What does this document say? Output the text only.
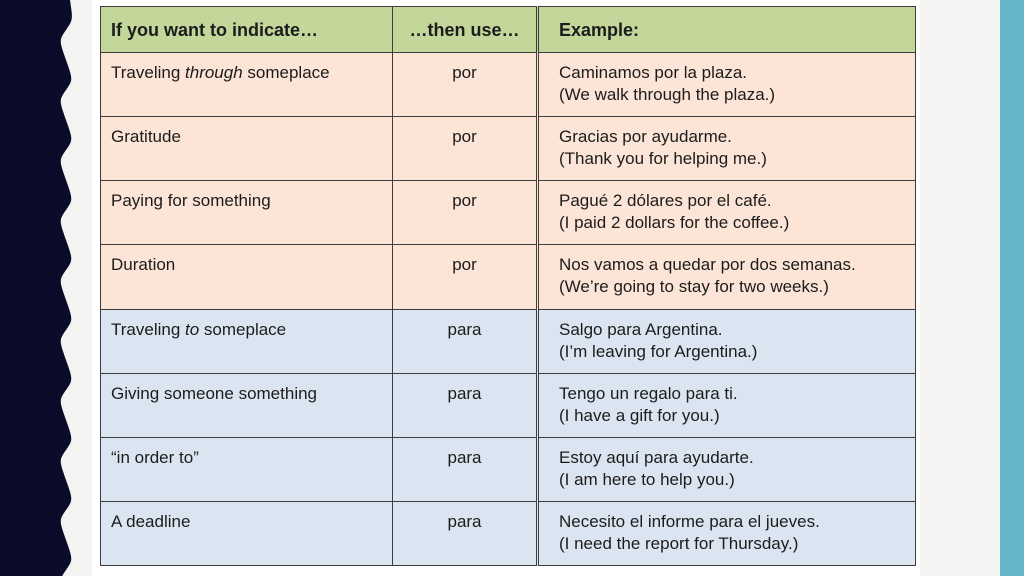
If you want to indicate…	…then use…	Example:
Traveling through someplace	por	Caminamos por la plaza.
(We walk through the plaza.)

Gratitude	por	Gracias por ayudarme.
(Thank you for helping me.)

Paying for something	por	Pagué 2 dólares por el café.
(I paid 2 dollars for the coffee.)

Duration	por	Nos vamos a quedar por dos semanas.
(We’re going to stay for two weeks.)

Traveling to someplace	para	Salgo para Argentina.
(I’m leaving for Argentina.)

Giving someone something	para	Tengo un regalo para ti.
(I have a gift for you.)

“in order to”	para	Estoy aquí para ayudarte.
(I am here to help you.)

A deadline	para	Necesito el informe para el jueves.
(I need the report for Thursday.)
